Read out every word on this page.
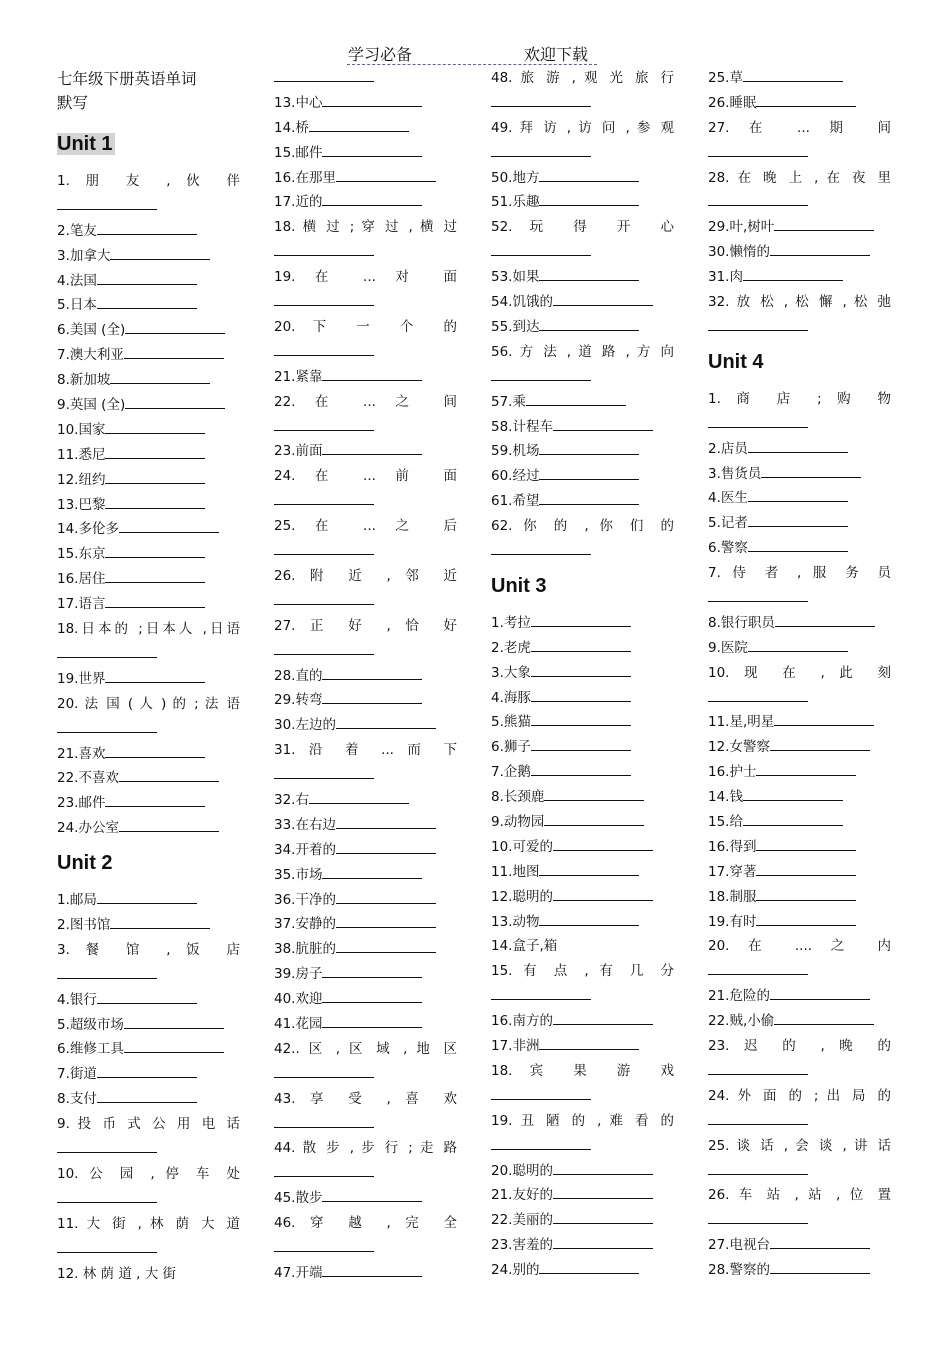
学习必备	欢迎下载
七年级下册英语单词
默写
Unit 1
1. 朋 友 , 伙 伴
2.笔友
3.加拿大
4.法国
5.日本
6.美国 (全)
7.澳大利亚
8.新加坡
9.英国 (全)
10.国家
11.悉尼
12.纽约
13.巴黎
14.多伦多
15.东京
16.居住
17.语言
18.日本的 ;日本人 ,日语
19.世界
20. 法 国 ( 人 ) 的 ; 法 语
21.喜欢
22.不喜欢
23.邮件
24.办公室
Unit 2
1.邮局
2.图书馆
3. 餐 馆 , 饭 店
4.银行
5.超级市场
6.维修工具
7.街道
8.支付
9. 投 币 式 公 用 电 话
10. 公 园 , 停 车 处
11. 大 街 , 林 荫 大 道
12. 林 荫 道 , 大 街
13.中心
14.桥
15.邮件
16.在那里
17.近的
18. 横 过 ; 穿 过 , 横 过
19. 在 ... 对 面
20. 下 一 个 的
21.紧靠
22. 在 ... 之 间
23.前面
24. 在 ... 前 面
25. 在 ... 之 后
26. 附 近 , 邻 近
27. 正 好 , 恰 好
28.直的
29.转弯
30.左边的
31. 沿 着 ... 而 下
32.右
33.在右边
34.开着的
35.市场
36.干净的
37.安静的
38.肮脏的
39.房子
40.欢迎
41.花园
42.. 区 , 区 域 , 地 区
43. 享 受 , 喜 欢
44. 散 步 , 步 行 ; 走 路
45.散步
46. 穿 越 , 完 全
47.开端
48. 旅 游 , 观 光 旅 行
49. 拜 访 , 访 问 , 参 观
50.地方
51.乐趣
52. 玩 得 开 心
53.如果
54.饥饿的
55.到达
56. 方 法 , 道 路 , 方 向
57.乘
58.计程车
59.机场
60.经过
61.希望
62. 你 的 , 你 们 的
Unit 3
1.考拉
2.老虎
3.大象
4.海豚
5.熊猫
6.狮子
7.企鹅
8.长颈鹿
9.动物园
10.可爱的
11.地图
12.聪明的
13.动物
14.盒子,箱
15. 有 点 , 有 几 分
16.南方的
17.非洲
18. 宾 果 游 戏
19. 丑 陋 的 , 难 看 的
20.聪明的
21.友好的
22.美丽的
23.害羞的
24.别的
25.草
26.睡眠
27. 在 ... 期 间
28. 在 晚 上 , 在 夜 里
29.叶,树叶
30.懒惰的
31.肉
32. 放 松 , 松 懈 , 松 弛
Unit 4
1. 商 店 ; 购 物
2.店员
3.售货员
4.医生
5.记者
6.警察
7. 侍 者 , 服 务 员
8.银行职员
9.医院
10. 现 在 , 此 刻
11.星,明星
12.女警察
16.护士
14.钱
15.给
16.得到
17.穿著
18.制服
19.有时
20. 在 .... 之 内
21.危险的
22.贼,小偷
23. 迟 的 , 晚 的
24. 外 面 的 ; 出 局 的
25. 谈 话 , 会 谈 , 讲 话
26. 车 站 , 站 , 位 置
27.电视台
28.警察的
